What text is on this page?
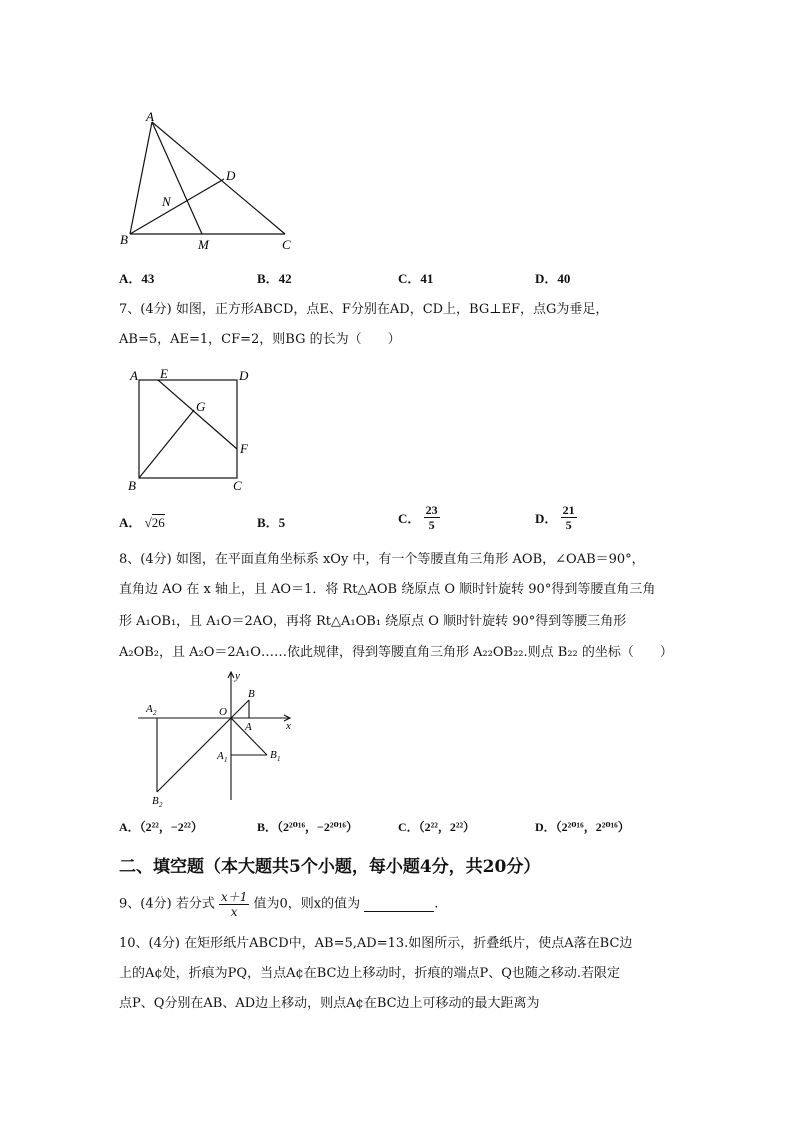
A
B	C
D
M
N
A．43	B．42	C．41	D．40
7、(4分) 如图，正方形ABCD，点E、F分别在AD，CD上，BG⊥EF，点G为垂足，
AB=5，AE=1，CF=2，则BG 的长为（　　）
A E	D
G
F
B	C
A． √26	B．5	C． $\frac{23}{5}$	D． $\frac{21}{5}$
8、(4分) 如图，在平面直角坐标系 xOy 中，有一个等腰直角三角形 AOB，∠OAB＝90°，
直角边 AO 在 x 轴上，且 AO＝1．将 Rt△AOB 绕原点 O 顺时针旋转 90°得到等腰直角三角
形 A₁OB₁，且 A₁O＝2AO，再将 Rt△A₁OB₁ 绕原点 O 顺时针旋转 90°得到等腰三角形
A₂OB₂，且 A₂O＝2A₁O……依此规律，得到等腰直角三角形 A₂₂OB₂₂.则点 B₂₂ 的坐标（　　）
y
x
O
A
B
A 1	B 1
A 2
B 2
A．（2²²，−2²²）	B．（2²⁰¹⁶，−2²⁰¹⁶）	C．（2²²，2²²）	D．（2²⁰¹⁶，2²⁰¹⁶）
二、填空题（本大题共5个小题，每小题4分，共20分）
9、(4分) 若分式 $\frac{x+1}{x}$ 值为0，则x的值为	.
10、(4分) 在矩形纸片ABCD中，AB=5,AD=13.如图所示，折叠纸片，使点A落在BC边
上的A¢处，折痕为PQ，当点A¢在BC边上移动时，折痕的端点P、Q也随之移动.若限定
点P、Q分别在AB、AD边上移动，则点A¢在BC边上可移动的最大距离为
